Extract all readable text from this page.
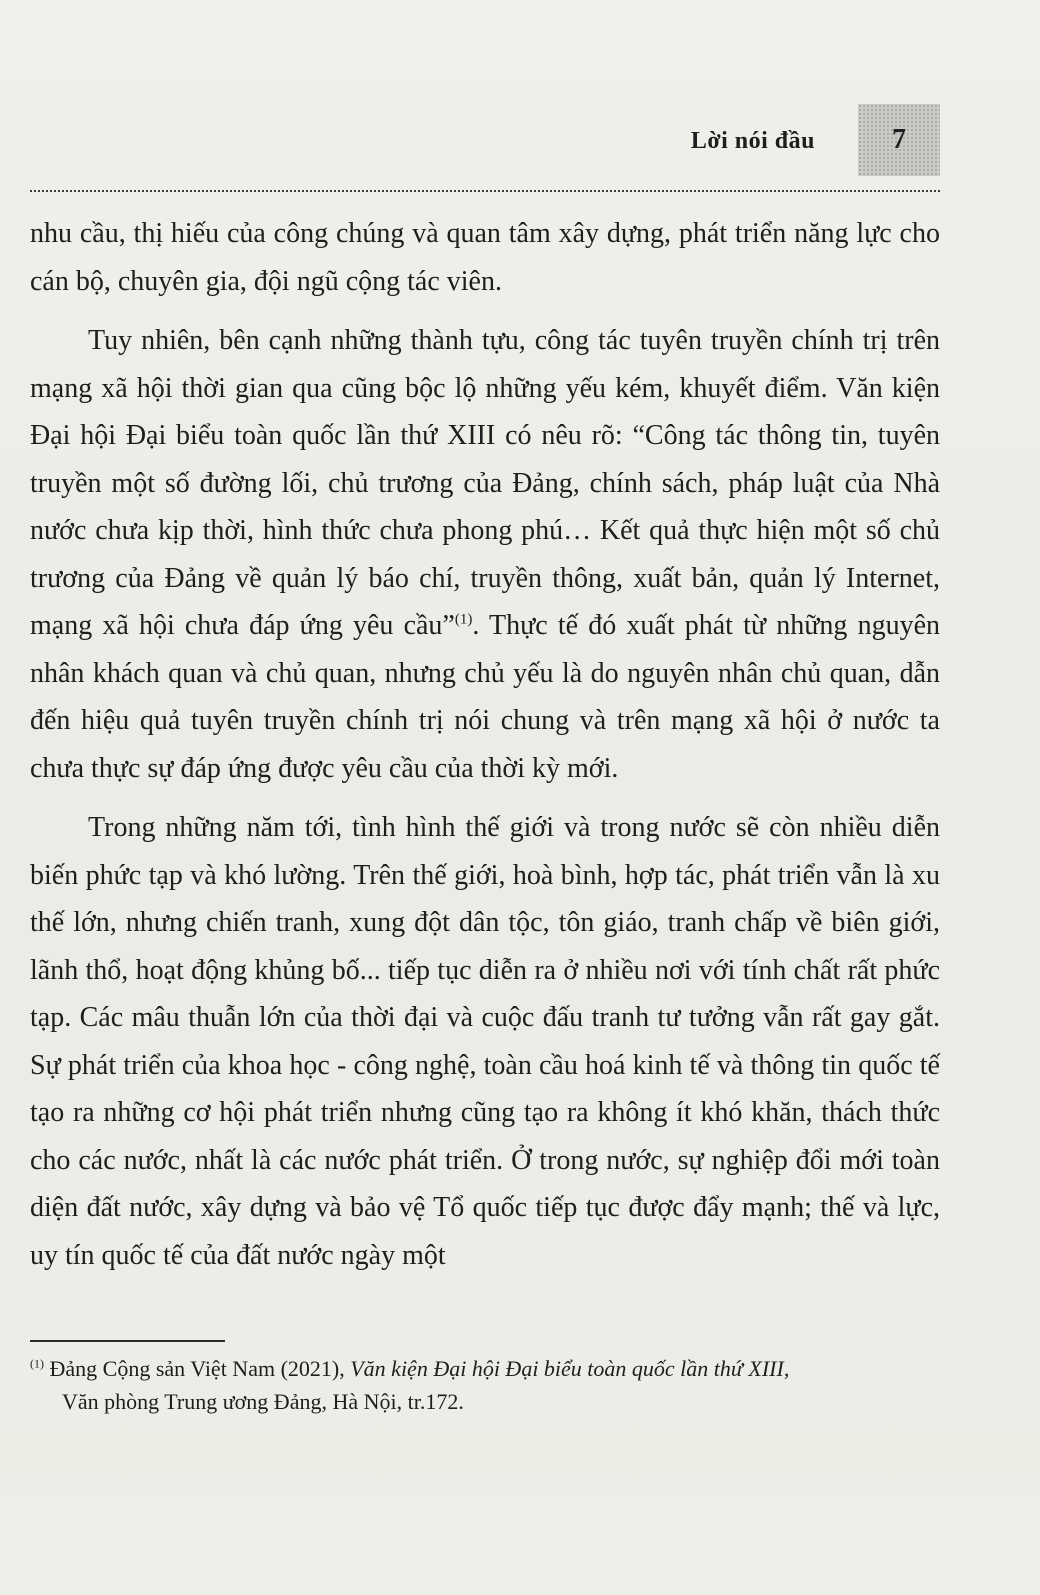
Lời nói đầu	7

nhu cầu, thị hiếu của công chúng và quan tâm xây dựng, phát triển năng lực cho cán bộ, chuyên gia, đội ngũ cộng tác viên.

Tuy nhiên, bên cạnh những thành tựu, công tác tuyên truyền chính trị trên mạng xã hội thời gian qua cũng bộc lộ những yếu kém, khuyết điểm. Văn kiện Đại hội Đại biểu toàn quốc lần thứ XIII có nêu rõ: “Công tác thông tin, tuyên truyền một số đường lối, chủ trương của Đảng, chính sách, pháp luật của Nhà nước chưa kịp thời, hình thức chưa phong phú… Kết quả thực hiện một số chủ trương của Đảng về quản lý báo chí, truyền thông, xuất bản, quản lý Internet, mạng xã hội chưa đáp ứng yêu cầu”$^{(1)}$. Thực tế đó xuất phát từ những nguyên nhân khách quan và chủ quan, nhưng chủ yếu là do nguyên nhân chủ quan, dẫn đến hiệu quả tuyên truyền chính trị nói chung và trên mạng xã hội ở nước ta chưa thực sự đáp ứng được yêu cầu của thời kỳ mới.

Trong những năm tới, tình hình thế giới và trong nước sẽ còn nhiều diễn biến phức tạp và khó lường. Trên thế giới, hoà bình, hợp tác, phát triển vẫn là xu thế lớn, nhưng chiến tranh, xung đột dân tộc, tôn giáo, tranh chấp về biên giới, lãnh thổ, hoạt động khủng bố... tiếp tục diễn ra ở nhiều nơi với tính chất rất phức tạp. Các mâu thuẫn lớn của thời đại và cuộc đấu tranh tư tưởng vẫn rất gay gắt. Sự phát triển của khoa học - công nghệ, toàn cầu hoá kinh tế và thông tin quốc tế tạo ra những cơ hội phát triển nhưng cũng tạo ra không ít khó khăn, thách thức cho các nước, nhất là các nước phát triển. Ở trong nước, sự nghiệp đổi mới toàn diện đất nước, xây dựng và bảo vệ Tổ quốc tiếp tục được đẩy mạnh; thế và lực, uy tín quốc tế của đất nước ngày một

$^{(1)}$ Đảng Cộng sản Việt Nam (2021), Văn kiện Đại hội Đại biểu toàn quốc lần thứ XIII,
Văn phòng Trung ương Đảng, Hà Nội, tr.172.
